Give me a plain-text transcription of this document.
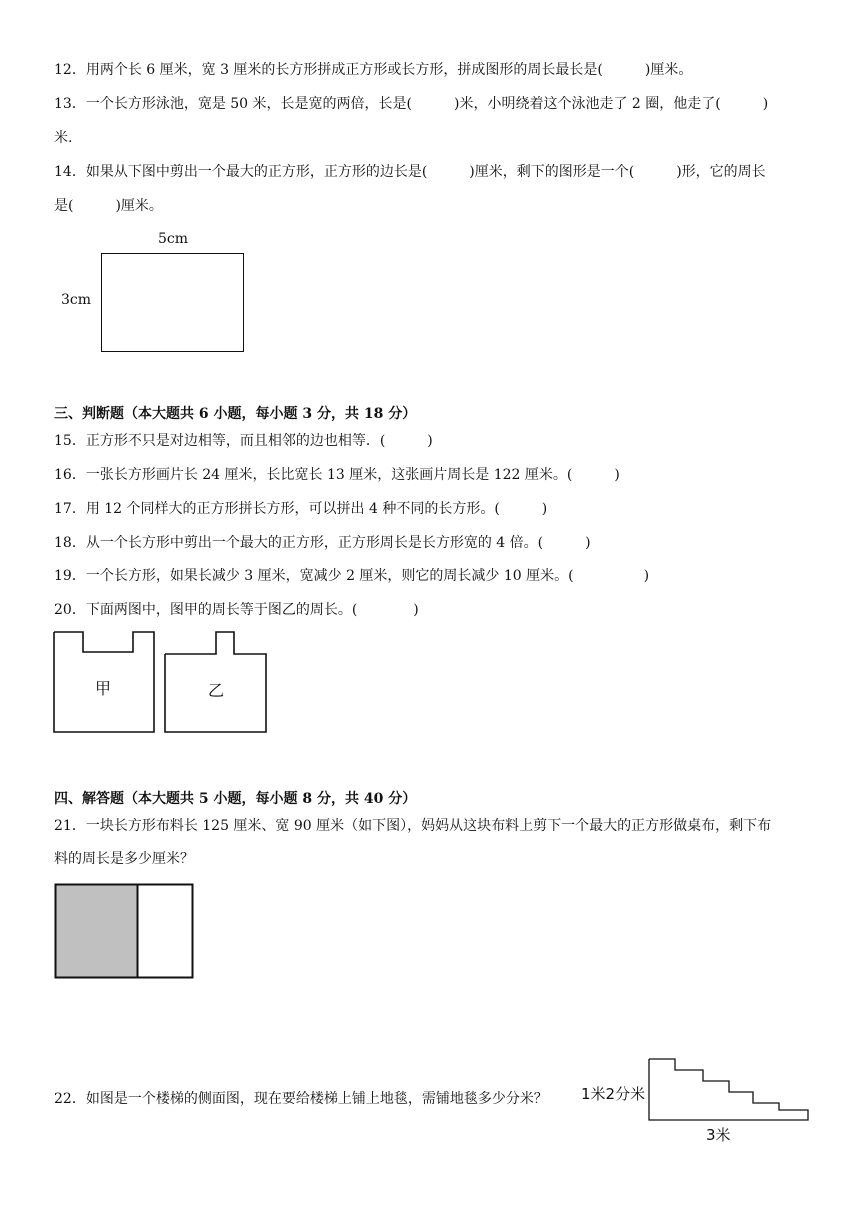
12．用两个长 6 厘米，宽 3 厘米的长方形拼成正方形或长方形，拼成图形的周长最长是(　　　)厘米。
13．一个长方形泳池，宽是 50 米，长是宽的两倍，长是(　　　)米，小明绕着这个泳池走了 2 圈，他走了(　　　)
米.
14．如果从下图中剪出一个最大的正方形，正方形的边长是(　　　)厘米，剩下的图形是一个(　　　)形，它的周长
是(　　　)厘米。
5cm
3cm
三、判断题（本大题共 6 小题，每小题 3 分，共 18 分）
15．正方形不只是对边相等，而且相邻的边也相等．(　　　)
16．一张长方形画片长 24 厘米，长比宽长 13 厘米，这张画片周长是 122 厘米。(　　　)
17．用 12 个同样大的正方形拼长方形，可以拼出 4 种不同的长方形。(　　　)
18．从一个长方形中剪出一个最大的正方形，正方形周长是长方形宽的 4 倍。(　　　)
19．一个长方形，如果长减少 3 厘米，宽减少 2 厘米，则它的周长减少 10 厘米。(　　　　　)
20．下面两图中，图甲的周长等于图乙的周长。(　　　　)
甲	乙
四、解答题（本大题共 5 小题，每小题 8 分，共 40 分）
21．一块长方形布料长 125 厘米、宽 90 厘米（如下图），妈妈从这块布料上剪下一个最大的正方形做桌布，剩下布
料的周长是多少厘米？
22．如图是一个楼梯的侧面图，现在要给楼梯上铺上地毯，需铺地毯多少分米？ 1米2分米
3米
